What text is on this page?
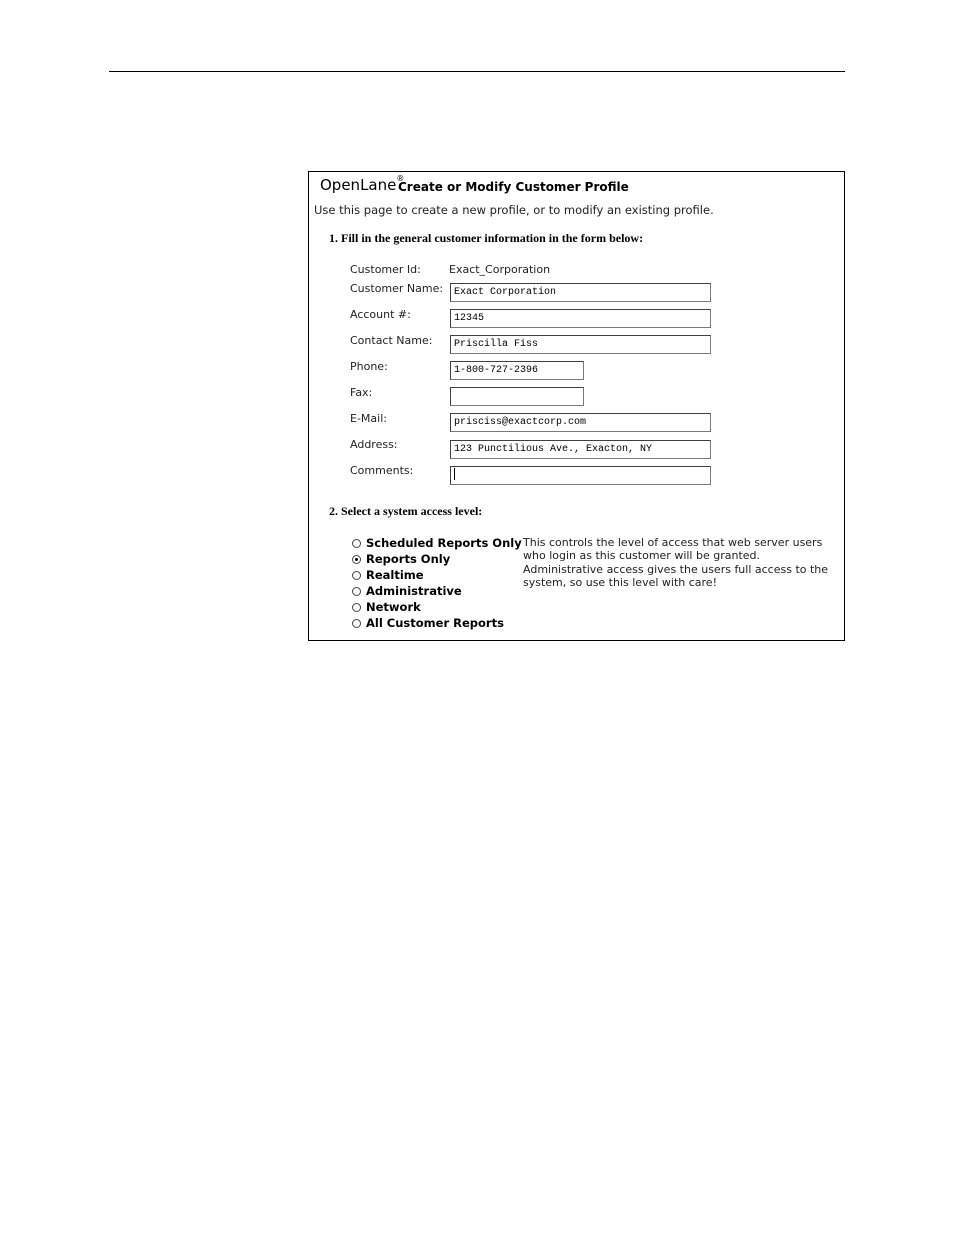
OpenLane®
Create or Modify Customer Profile
Use this page to create a new profile, or to modify an existing profile.
1. Fill in the general customer information in the form below:
Customer Id:	Exact_Corporation
Customer Name:	Exact Corporation
Account #:	12345
Contact Name:	Priscilla Fiss
Phone:	1-800-727-2396
Fax:
E-Mail:	prisciss@exactcorp.com
Address:	123 Punctilious Ave., Exacton, NY
Comments:
2. Select a system access level:
Scheduled Reports Only
Reports Only
Realtime
Administrative
Network
All Customer Reports
This controls the level of access that web server users who login as this customer will be granted. Administrative access gives the users full access to the system, so use this level with care!
